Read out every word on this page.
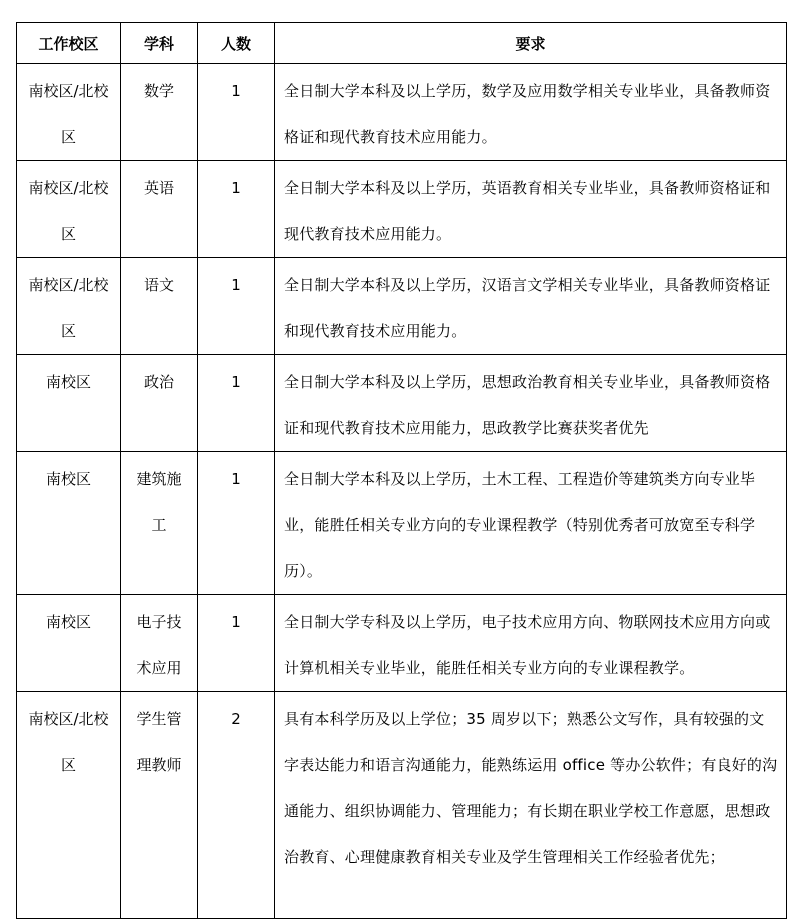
工作校区	学科	人数	要求

南校区/北校区	数学	1	全日制大学本科及以上学历，数学及应用数学相关专业毕业，具备教师资格证和现代教育技术应用能力。

南校区/北校区	英语	1	全日制大学本科及以上学历，英语教育相关专业毕业，具备教师资格证和现代教育技术应用能力。

南校区/北校区	语文	1	全日制大学本科及以上学历，汉语言文学相关专业毕业，具备教师资格证和现代教育技术应用能力。

南校区	政治	1	全日制大学本科及以上学历，思想政治教育相关专业毕业，具备教师资格证和现代教育技术应用能力，思政教学比赛获奖者优先

南校区	建筑施工	1	全日制大学本科及以上学历，土木工程、工程造价等建筑类方向专业毕业，能胜任相关专业方向的专业课程教学（特别优秀者可放宽至专科学历）。

南校区	电子技术应用	1	全日制大学专科及以上学历，电子技术应用方向、物联网技术应用方向或计算机相关专业毕业，能胜任相关专业方向的专业课程教学。

南校区/北校区	学生管理教师	2	具有本科学历及以上学位；35 周岁以下；熟悉公文写作，具有较强的文字表达能力和语言沟通能力，能熟练运用 office 等办公软件；有良好的沟通能力、组织协调能力、管理能力；有长期在职业学校工作意愿，思想政治教育、心理健康教育相关专业及学生管理相关工作经验者优先；
